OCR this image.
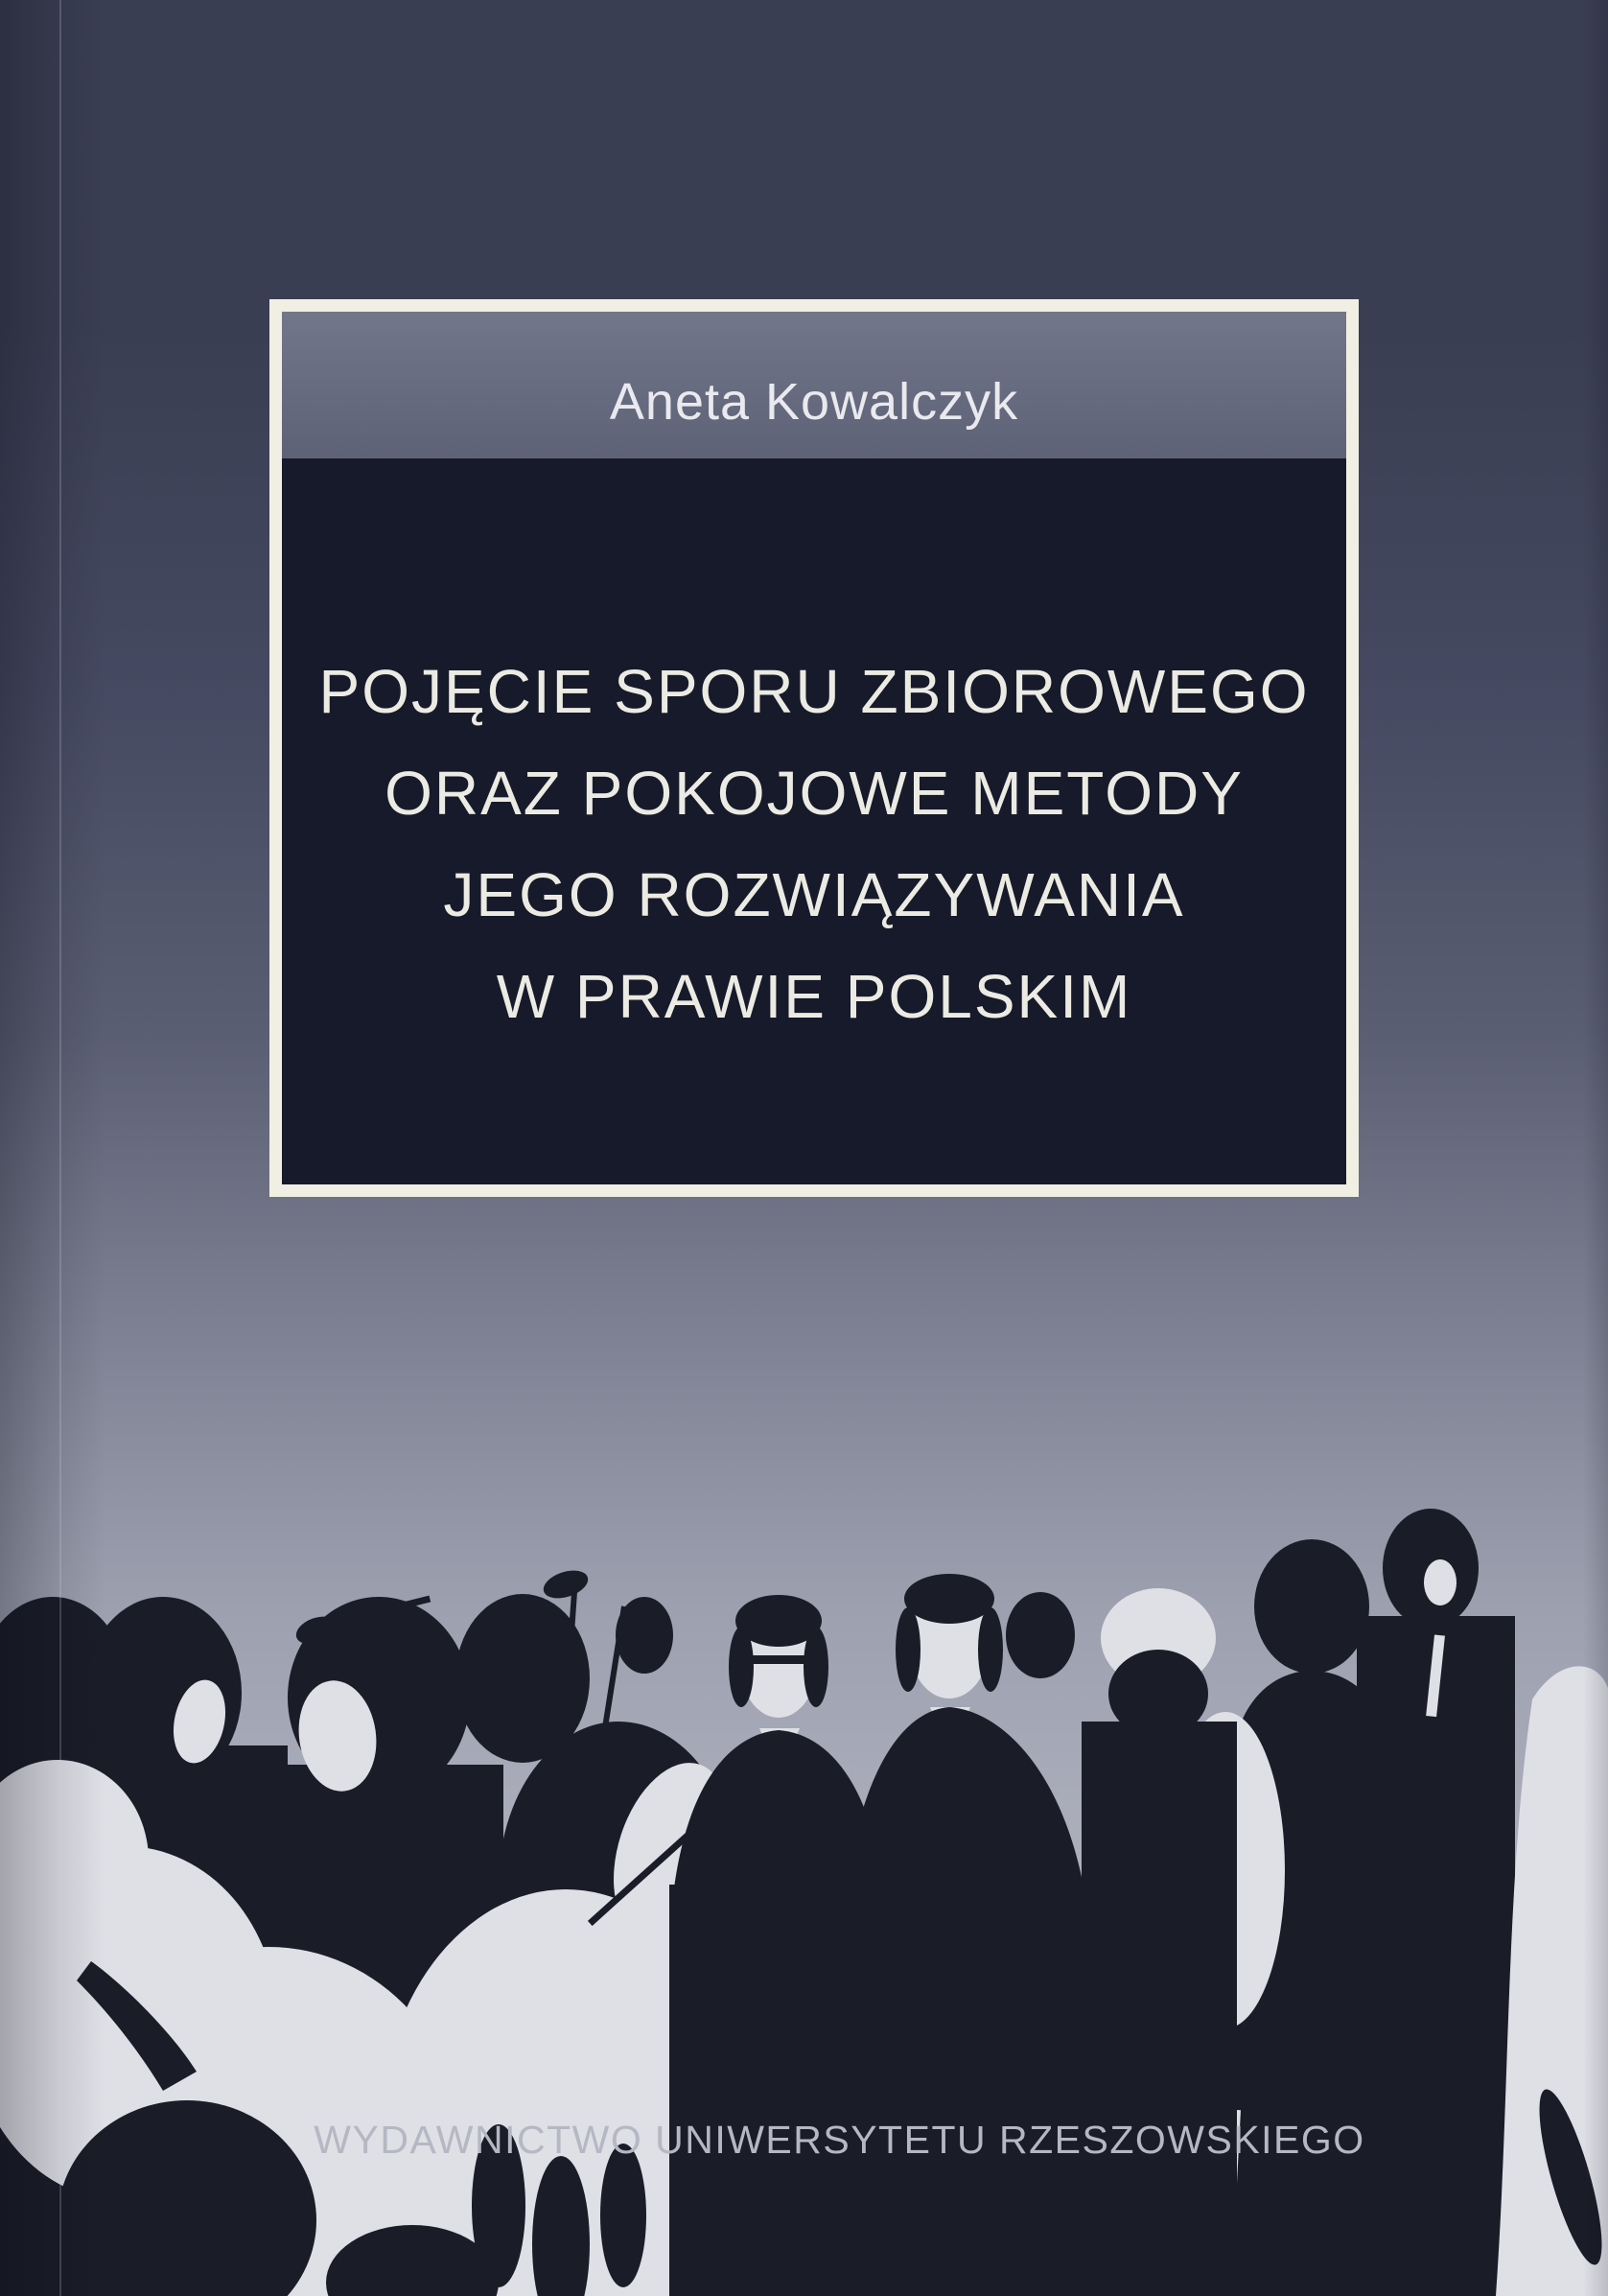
Aneta Kowalczyk
POJĘCIE SPORU ZBIOROWEGO
ORAZ POKOJOWE METODY
JEGO ROZWIĄZYWANIA
W PRAWIE POLSKIM
WYDAWNICTWO UNIWERSYTETU RZESZOWSKIEGO
